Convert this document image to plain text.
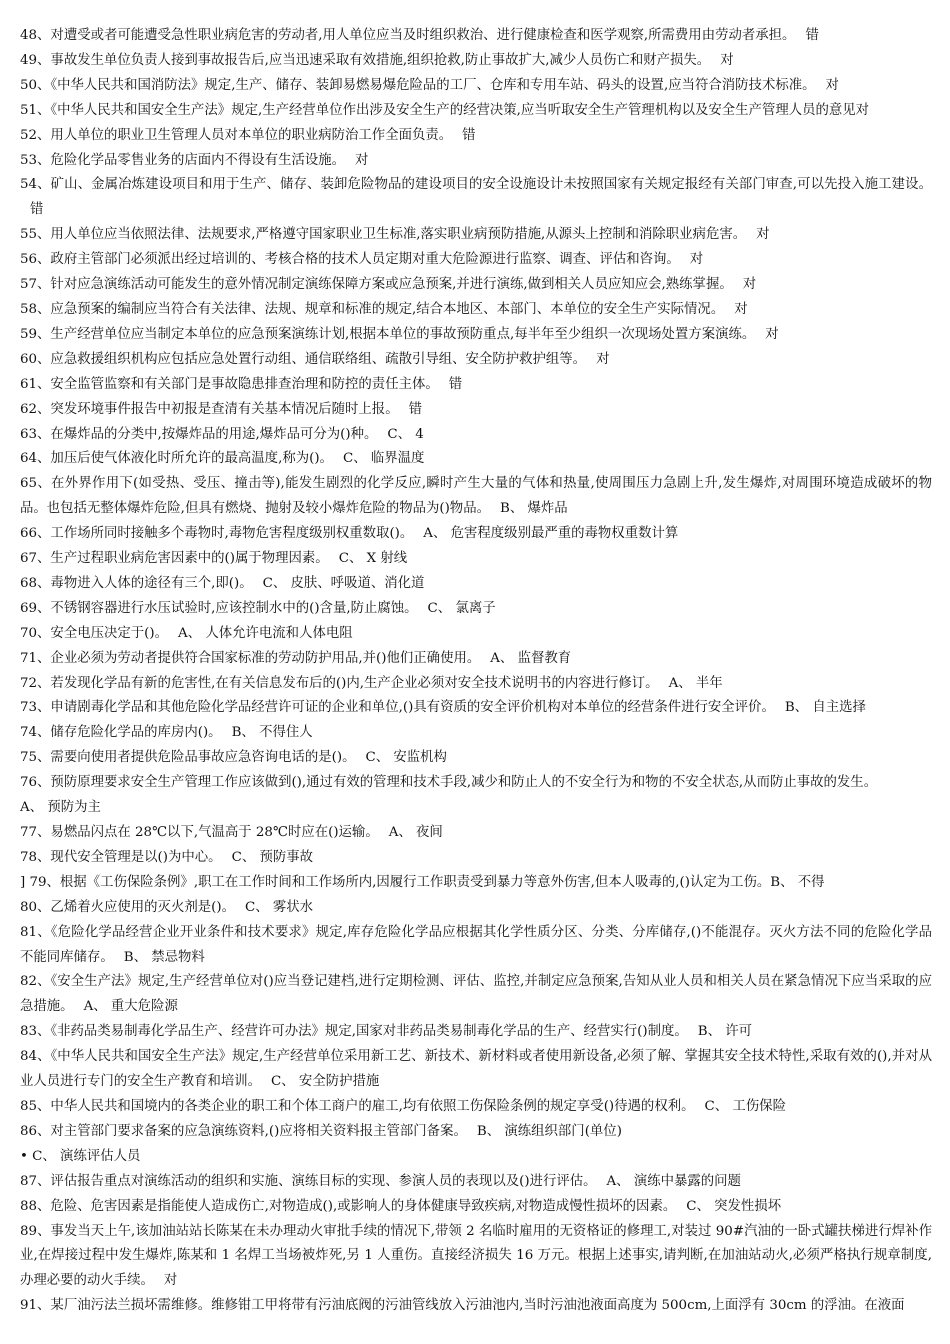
48、对遭受或者可能遭受急性职业病危害的劳动者,用人单位应当及时组织救治、进行健康检查和医学观察,所需费用由劳动者承担。 错
49、事故发生单位负责人接到事故报告后,应当迅速采取有效措施,组织抢救,防止事故扩大,减少人员伤亡和财产损失。 对
50、《中华人民共和国消防法》规定,生产、储存、装卸易燃易爆危险品的工厂、仓库和专用车站、码头的设置,应当符合消防技术标准。 对
51、《中华人民共和国安全生产法》规定,生产经营单位作出涉及安全生产的经营决策,应当听取安全生产管理机构以及安全生产管理人员的意见对
52、用人单位的职业卫生管理人员对本单位的职业病防治工作全面负责。 错
53、危险化学品零售业务的店面内不得设有生活设施。 对
54、矿山、金属冶炼建设项目和用于生产、储存、装卸危险物品的建设项目的安全设施设计未按照国家有关规定报经有关部门审查,可以先投入施工建设。错
55、用人单位应当依照法律、法规要求,严格遵守国家职业卫生标准,落实职业病预防措施,从源头上控制和消除职业病危害。 对
56、政府主管部门必须派出经过培训的、考核合格的技术人员定期对重大危险源进行监察、调查、评估和咨询。 对
57、针对应急演练活动可能发生的意外情况制定演练保障方案或应急预案,并进行演练,做到相关人员应知应会,熟练掌握。 对
58、应急预案的编制应当符合有关法律、法规、规章和标准的规定,结合本地区、本部门、本单位的安全生产实际情况。 对
59、生产经营单位应当制定本单位的应急预案演练计划,根据本单位的事故预防重点,每半年至少组织一次现场处置方案演练。 对
60、应急救援组织机构应包括应急处置行动组、通信联络组、疏散引导组、安全防护救护组等。 对
61、安全监管监察和有关部门是事故隐患排查治理和防控的责任主体。 错
62、突发环境事件报告中初报是查清有关基本情况后随时上报。 错
63、在爆炸品的分类中,按爆炸品的用途,爆炸品可分为()种。 C、 4
64、加压后使气体液化时所允许的最高温度,称为()。 C、 临界温度
65、在外界作用下(如受热、受压、撞击等),能发生剧烈的化学反应,瞬时产生大量的气体和热量,使周围压力急剧上升,发生爆炸,对周围环境造成破坏的物品。也包括无整体爆炸危险,但具有燃烧、抛射及较小爆炸危险的物品为()物品。 B、 爆炸品
66、工作场所同时接触多个毒物时,毒物危害程度级别权重数取()。 A、 危害程度级别最严重的毒物权重数计算
67、生产过程职业病危害因素中的()属于物理因素。 C、 X 射线
68、毒物进入人体的途径有三个,即()。 C、 皮肤、呼吸道、消化道
69、不锈钢容器进行水压试验时,应该控制水中的()含量,防止腐蚀。 C、 氯离子
70、安全电压决定于()。 A、 人体允许电流和人体电阻
71、企业必须为劳动者提供符合国家标准的劳动防护用品,并()他们正确使用。 A、 监督教育
72、若发现化学品有新的危害性,在有关信息发布后的()内,生产企业必须对安全技术说明书的内容进行修订。 A、 半年
73、申请剧毒化学品和其他危险化学品经营许可证的企业和单位,()具有资质的安全评价机构对本单位的经营条件进行安全评价。 B、 自主选择
74、储存危险化学品的库房内()。 B、 不得住人
75、需要向使用者提供危险品事故应急咨询电话的是()。 C、 安监机构
76、预防原理要求安全生产管理工作应该做到(),通过有效的管理和技术手段,减少和防止人的不安全行为和物的不安全状态,从而防止事故的发生。
A、 预防为主
77、易燃品闪点在 28℃以下,气温高于 28℃时应在()运输。 A、 夜间
78、现代安全管理是以()为中心。 C、 预防事故
] 79、根据《工伤保险条例》,职工在工作时间和工作场所内,因履行工作职责受到暴力等意外伤害,但本人吸毒的,()认定为工伤。B、 不得
80、乙烯着火应使用的灭火剂是()。 C、 雾状水
81、《危险化学品经营企业开业条件和技术要求》规定,库存危险化学品应根据其化学性质分区、分类、分库储存,()不能混存。灭火方法不同的危险化学品不能同库储存。 B、 禁忌物料
82、《安全生产法》规定,生产经营单位对()应当登记建档,进行定期检测、评估、监控,并制定应急预案,告知从业人员和相关人员在紧急情况下应当采取的应急措施。 A、 重大危险源
83、《非药品类易制毒化学品生产、经营许可办法》规定,国家对非药品类易制毒化学品的生产、经营实行()制度。 B、 许可
84、《中华人民共和国安全生产法》规定,生产经营单位采用新工艺、新技术、新材料或者使用新设备,必须了解、掌握其安全技术特性,采取有效的(),并对从业人员进行专门的安全生产教育和培训。 C、 安全防护措施
85、中华人民共和国境内的各类企业的职工和个体工商户的雇工,均有依照工伤保险条例的规定享受()待遇的权利。 C、 工伤保险
86、对主管部门要求备案的应急演练资料,()应将相关资料报主管部门备案。 B、 演练组织部门(单位)
• C、 演练评估人员
87、评估报告重点对演练活动的组织和实施、演练目标的实现、参演人员的表现以及()进行评估。 A、 演练中暴露的问题
88、危险、危害因素是指能使人造成伤亡,对物造成(),或影响人的身体健康导致疾病,对物造成慢性损坏的因素。 C、 突发性损坏
89、事发当天上午,该加油站站长陈某在未办理动火审批手续的情况下,带领 2 名临时雇用的无资格证的修理工,对装过 90#汽油的一卧式罐扶梯进行焊补作业,在焊接过程中发生爆炸,陈某和 1 名焊工当场被炸死,另 1 人重伤。直接经济损失 16 万元。根据上述事实,请判断,在加油站动火,必须严格执行规章制度,办理必要的动火手续。 对
91、某厂油污法兰损坏需维修。维修钳工甲将带有污油底阀的污油管线放入污油池内,当时污油池液面高度为 500cm,上面浮有 30cm 的浮油。在液面
